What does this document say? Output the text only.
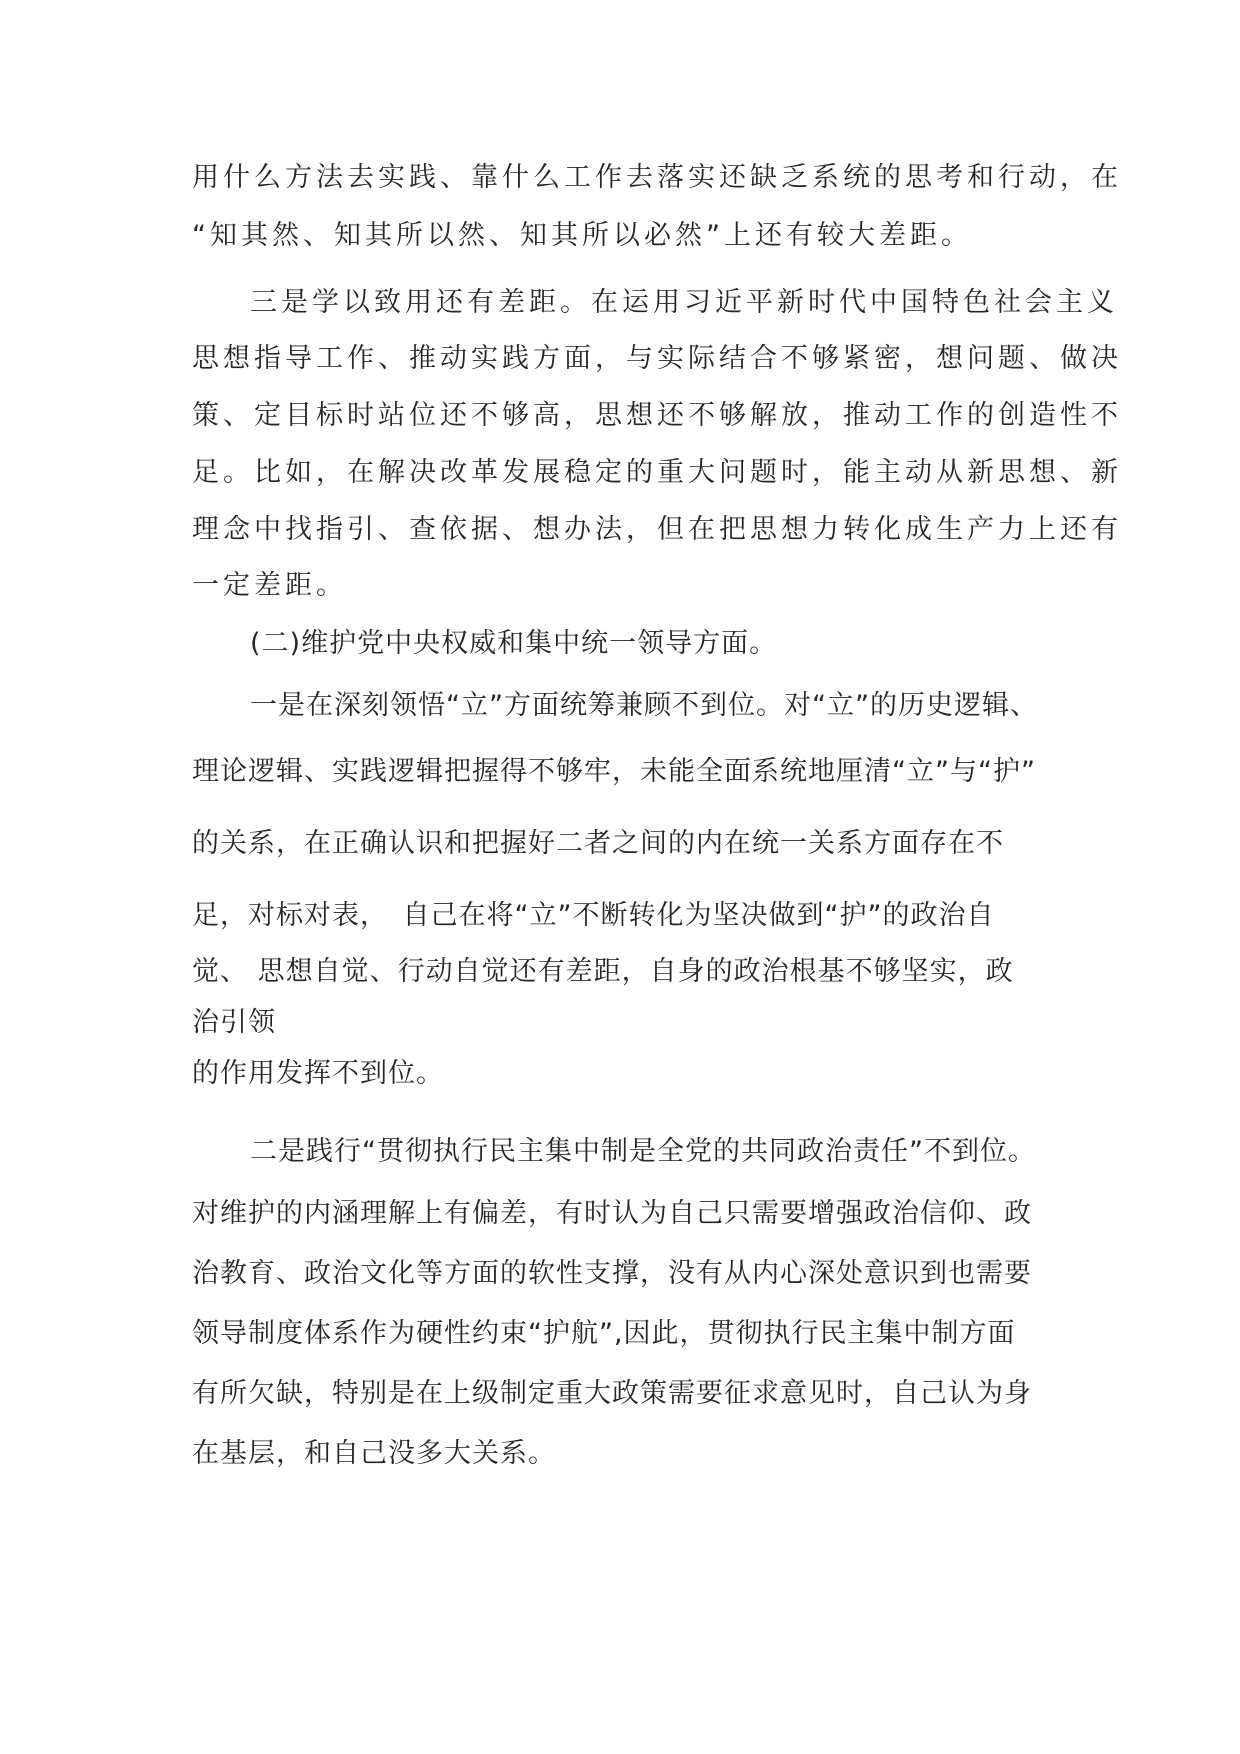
用什么方法去实践、靠什么工作去落实还缺乏系统的思考和行动，在
“知其然、知其所以然、知其所以必然”上还有较大差距。
三是学以致用还有差距。在运用习近平新时代中国特色社会主义
思想指导工作、推动实践方面，与实际结合不够紧密，想问题、做决
策、定目标时站位还不够高，思想还不够解放，推动工作的创造性不
足。比如，在解决改革发展稳定的重大问题时，能主动从新思想、新
理念中找指引、查依据、想办法，但在把思想力转化成生产力上还有
一定差距。
(二)维护党中央权威和集中统一领导方面。
一是在深刻领悟“立”方面统筹兼顾不到位。对“立”的历史逻辑、
理论逻辑、实践逻辑把握得不够牢，未能全面系统地厘清“立”与“护”
的关系，在正确认识和把握好二者之间的内在统一关系方面存在不
足，对标对表，　自己在将“立”不断转化为坚决做到“护”的政治自
觉、 思想自觉、行动自觉还有差距，自身的政治根基不够坚实，政
治引领
的作用发挥不到位。
二是践行“贯彻执行民主集中制是全党的共同政治责任”不到位。
对维护的内涵理解上有偏差，有时认为自己只需要增强政治信仰、政
治教育、政治文化等方面的软性支撑，没有从内心深处意识到也需要
领导制度体系作为硬性约束“护航”,因此，贯彻执行民主集中制方面
有所欠缺，特别是在上级制定重大政策需要征求意见时，自己认为身
在基层，和自己没多大关系。
